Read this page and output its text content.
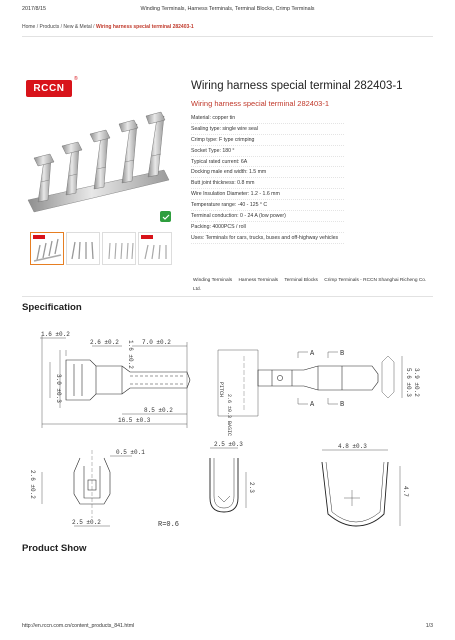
2017/8/15	Winding Terminals, Harness Terminals, Terminal Blocks, Crimp Terminals
Home / Products / New & Metal / Wiring harness special terminal 282403-1
RCCN
®
Wiring harness special terminal 282403-1
Wiring harness special terminal 282403-1
Material: copper tin
Sealing type: single wire seal
Crimp type: F type crimping
Socket Type: 180 °
Typical rated current: 6A
Docking male end width: 1.5 mm
Butt joint thickness: 0.8 mm
Wire Insulation Diameter: 1.2 - 1.6 mm
Temperature range: -40 - 125 ° C
Terminal conduction: 0 - 24 A (low power)
Packing: 4000PCS / roll
Uses: Terminals for cars, trucks, buses and off-highway vehicles
Winding Terminals Harness Terminals Terminal Blocks Crimp Terminals - RCCN Shanghai Richeng Co. Ltd.
Specification
1.6 ±0.2
2.6 ±0.2	7.0 ±0.2
8.5 ±0.2
16.5 ±0.3
3.0 ±0.3
1.6 ±0.2	A
A
B
B
5.6 ±0.3 3.9 ±0.2
2.6 ±0.3 BASIC
PITCH
2.6 ±0.2
0.5 ±0.1
2.5 ±0.2
2.5 ±0.3
2.3
R=0.6
4.8 ±0.3
4.7
Product Show
http://en.rccn.com.cn/content_products_841.html	1/3
